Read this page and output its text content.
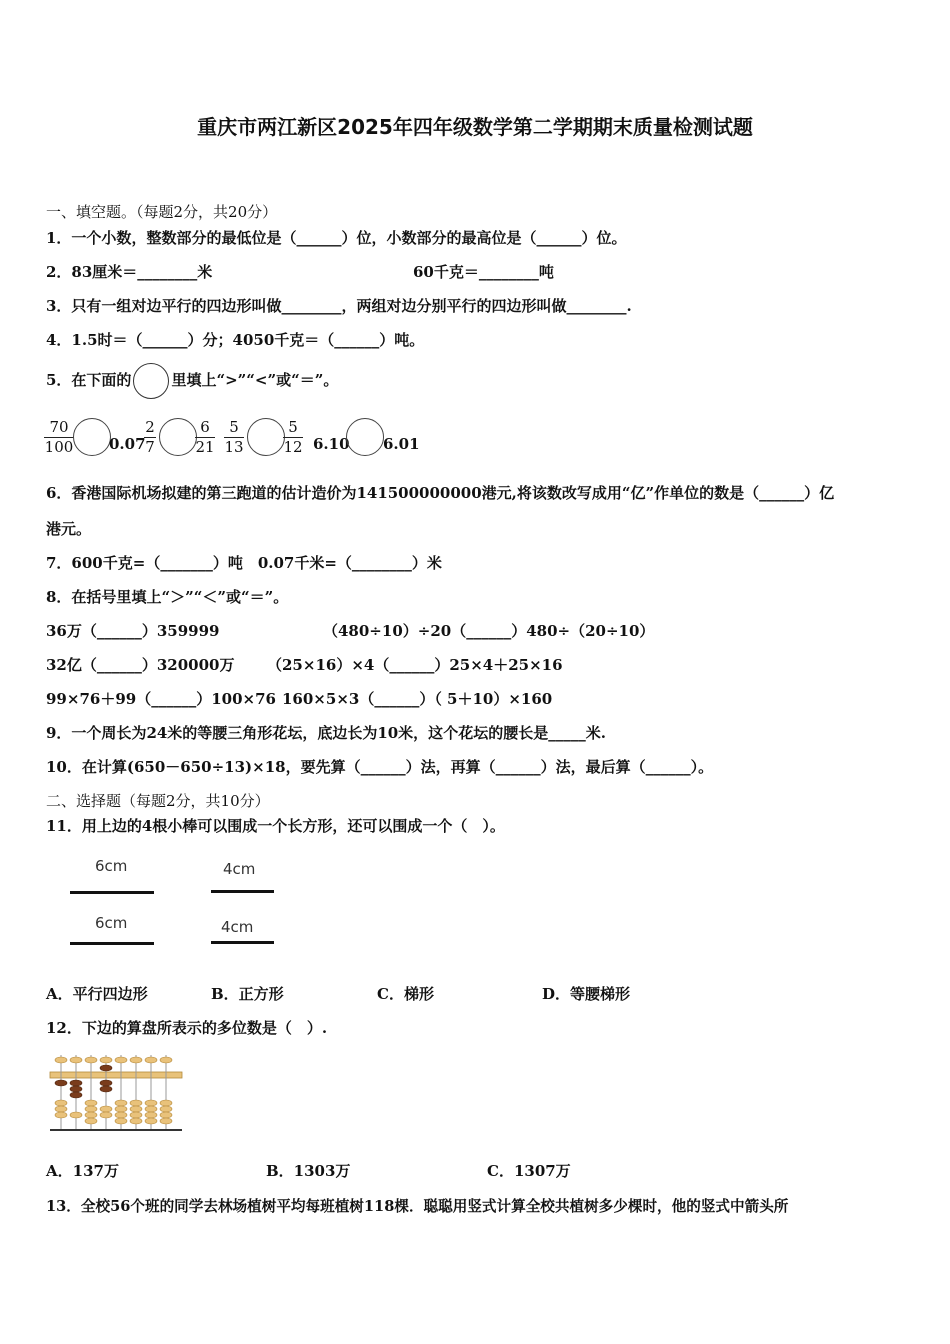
重庆市两江新区2025年四年级数学第二学期期末质量检测试题
一、填空题。（每题2分，共20分）
1．一个小数，整数部分的最低位是（______）位，小数部分的最高位是（______）位。
2．83厘米＝________米	60千克＝________吨
3．只有一组对边平行的四边形叫做________，两组对边分别平行的四边形叫做________.
4．1.5时＝（______）分；4050千克＝（______）吨。
5．在下面的	里填上“>”“<”或“＝”。
70
100 0.07
2
7
6
21
5
13
5
12 6.10 6.01
6．香港国际机场拟建的第三跑道的估计造价为141500000000港元,将该数改写成用“亿”作单位的数是（______）亿
港元。
7．600千克=（_______）吨　0.07千米=（________）米
8．在括号里填上“＞”“＜”或“＝”。
36万（______）359999	（480÷10）÷20（______）480÷（20÷10）
32亿（______）320000万 （25×16）×4（______）25×4＋25×16
99×76＋99（______）100×76 160×5×3（______）（ 5＋10）×160
9．一个周长为24米的等腰三角形花坛，底边长为10米，这个花坛的腰长是_____米.
10．在计算(650－650÷13)×18，要先算（______）法，再算（______）法，最后算（______）。
二、选择题（每题2分，共10分）
11．用上边的4根小棒可以围成一个长方形，还可以围成一个（　）。
6cm	4cm
6cm	4cm
A．平行四边形	B．正方形	C．梯形	D．等腰梯形
12．下边的算盘所表示的多位数是（　）.
A．137万	B．1303万	C．1307万
13．全校56个班的同学去林场植树平均每班植树118棵．聪聪用竖式计算全校共植树多少棵时，他的竖式中箭头所
